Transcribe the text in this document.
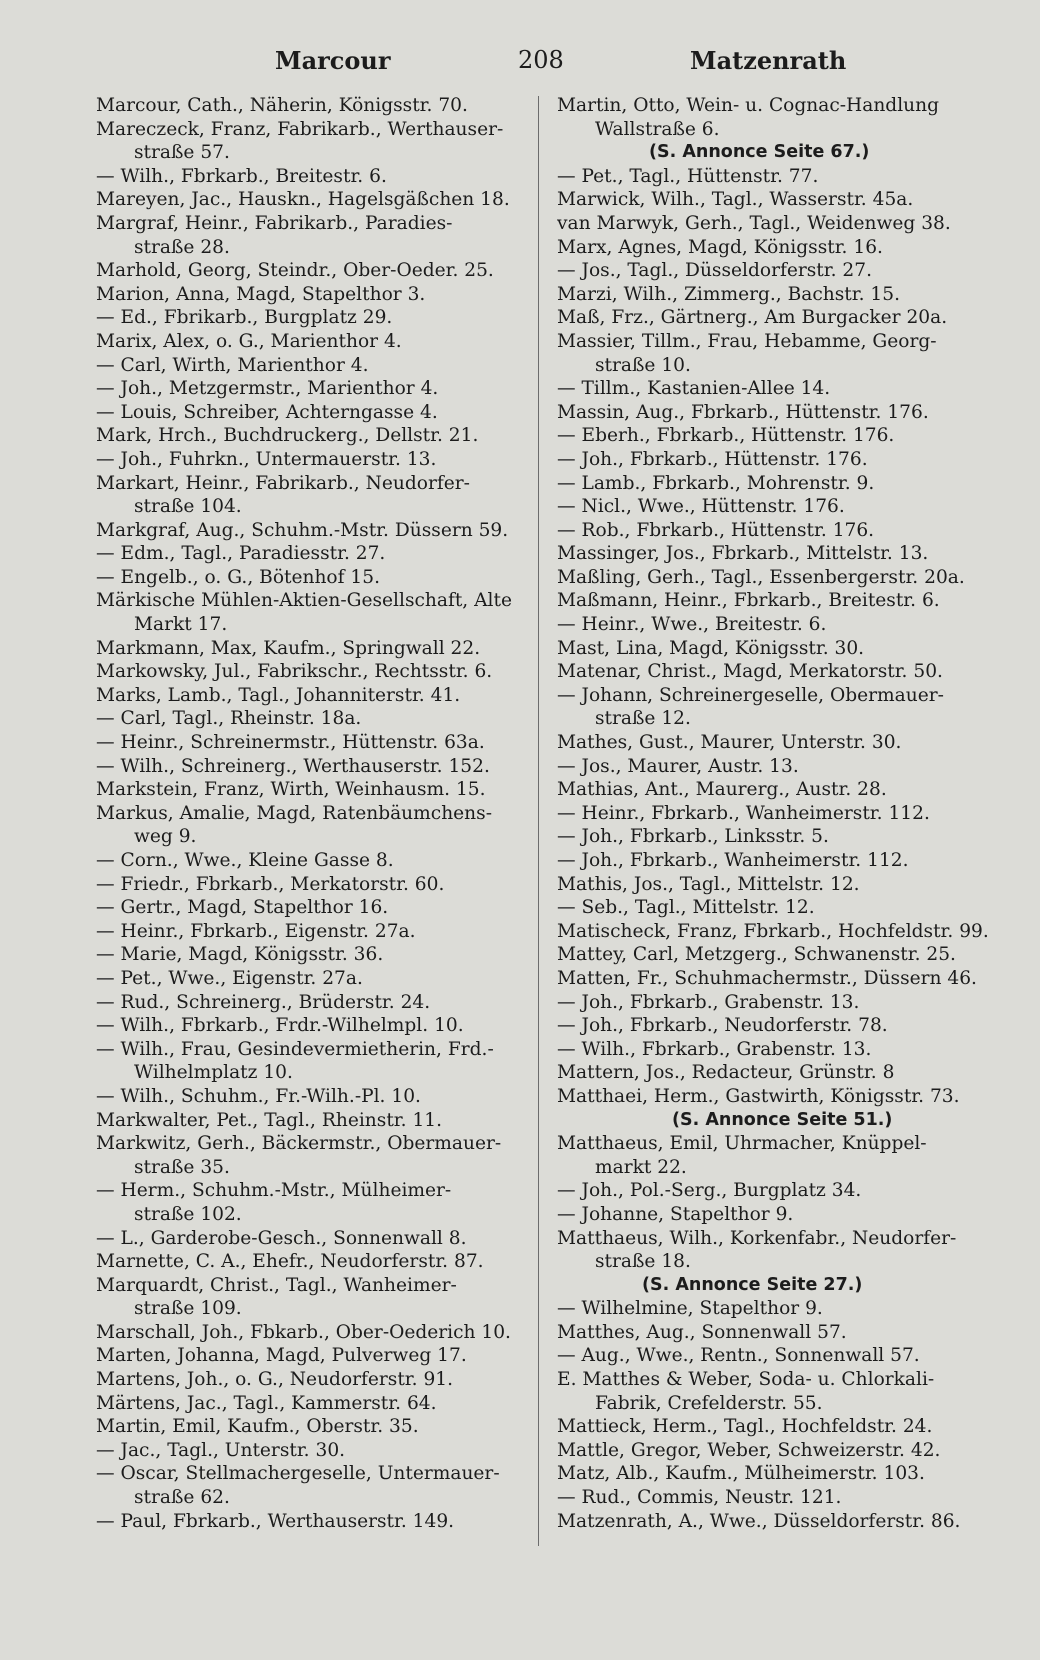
Marcour	208	Matzenrath
Marcour, Cath., Näherin, Königsstr. 70.
Mareczeck, Franz, Fabrikarb., Werthauser-
straße 57.
— Wilh., Fbrkarb., Breitestr. 6.
Mareyen, Jac., Hauskn., Hagelsgäßchen 18.
Margraf, Heinr., Fabrikarb., Paradies-
straße 28.
Marhold, Georg, Steindr., Ober-Oeder. 25.
Marion, Anna, Magd, Stapelthor 3.
— Ed., Fbrikarb., Burgplatz 29.
Marix, Alex, o. G., Marienthor 4.
— Carl, Wirth, Marienthor 4.
— Joh., Metzgermstr., Marienthor 4.
— Louis, Schreiber, Achterngasse 4.
Mark, Hrch., Buchdruckerg., Dellstr. 21.
— Joh., Fuhrkn., Untermauerstr. 13.
Markart, Heinr., Fabrikarb., Neudorfer-
straße 104.
Markgraf, Aug., Schuhm.-Mstr. Düssern 59.
— Edm., Tagl., Paradiesstr. 27.
— Engelb., o. G., Bötenhof 15.
Märkische Mühlen-Aktien-Gesellschaft, Alte
Markt 17.
Markmann, Max, Kaufm., Springwall 22.
Markowsky, Jul., Fabrikschr., Rechtsstr. 6.
Marks, Lamb., Tagl., Johanniterstr. 41.
— Carl, Tagl., Rheinstr. 18a.
— Heinr., Schreinermstr., Hüttenstr. 63a.
— Wilh., Schreinerg., Werthauserstr. 152.
Markstein, Franz, Wirth, Weinhausm. 15.
Markus, Amalie, Magd, Ratenbäumchens-
weg 9.
— Corn., Wwe., Kleine Gasse 8.
— Friedr., Fbrkarb., Merkatorstr. 60.
— Gertr., Magd, Stapelthor 16.
— Heinr., Fbrkarb., Eigenstr. 27a.
— Marie, Magd, Königsstr. 36.
— Pet., Wwe., Eigenstr. 27a.
— Rud., Schreinerg., Brüderstr. 24.
— Wilh., Fbrkarb., Frdr.-Wilhelmpl. 10.
— Wilh., Frau, Gesindevermietherin, Frd.-
Wilhelmplatz 10.
— Wilh., Schuhm., Fr.-Wilh.-Pl. 10.
Markwalter, Pet., Tagl., Rheinstr. 11.
Markwitz, Gerh., Bäckermstr., Obermauer-
straße 35.
— Herm., Schuhm.-Mstr., Mülheimer-
straße 102.
— L., Garderobe-Gesch., Sonnenwall 8.
Marnette, C. A., Ehefr., Neudorferstr. 87.
Marquardt, Christ., Tagl., Wanheimer-
straße 109.
Marschall, Joh., Fbkarb., Ober-Oederich 10.
Marten, Johanna, Magd, Pulverweg 17.
Martens, Joh., o. G., Neudorferstr. 91.
Märtens, Jac., Tagl., Kammerstr. 64.
Martin, Emil, Kaufm., Oberstr. 35.
— Jac., Tagl., Unterstr. 30.
— Oscar, Stellmachergeselle, Untermauer-
straße 62.
— Paul, Fbrkarb., Werthauserstr. 149.
Martin, Otto, Wein- u. Cognac-Handlung
Wallstraße 6.
(S. Annonce Seite 67.)
— Pet., Tagl., Hüttenstr. 77.
Marwick, Wilh., Tagl., Wasserstr. 45a.
van Marwyk, Gerh., Tagl., Weidenweg 38.
Marx, Agnes, Magd, Königsstr. 16.
— Jos., Tagl., Düsseldorferstr. 27.
Marzi, Wilh., Zimmerg., Bachstr. 15.
Maß, Frz., Gärtnerg., Am Burgacker 20a.
Massier, Tillm., Frau, Hebamme, Georg-
straße 10.
— Tillm., Kastanien-Allee 14.
Massin, Aug., Fbrkarb., Hüttenstr. 176.
— Eberh., Fbrkarb., Hüttenstr. 176.
— Joh., Fbrkarb., Hüttenstr. 176.
— Lamb., Fbrkarb., Mohrenstr. 9.
— Nicl., Wwe., Hüttenstr. 176.
— Rob., Fbrkarb., Hüttenstr. 176.
Massinger, Jos., Fbrkarb., Mittelstr. 13.
Maßling, Gerh., Tagl., Essenbergerstr. 20a.
Maßmann, Heinr., Fbrkarb., Breitestr. 6.
— Heinr., Wwe., Breitestr. 6.
Mast, Lina, Magd, Königsstr. 30.
Matenar, Christ., Magd, Merkatorstr. 50.
— Johann, Schreinergeselle, Obermauer-
straße 12.
Mathes, Gust., Maurer, Unterstr. 30.
— Jos., Maurer, Austr. 13.
Mathias, Ant., Maurerg., Austr. 28.
— Heinr., Fbrkarb., Wanheimerstr. 112.
— Joh., Fbrkarb., Linksstr. 5.
— Joh., Fbrkarb., Wanheimerstr. 112.
Mathis, Jos., Tagl., Mittelstr. 12.
— Seb., Tagl., Mittelstr. 12.
Matischeck, Franz, Fbrkarb., Hochfeldstr. 99.
Mattey, Carl, Metzgerg., Schwanenstr. 25.
Matten, Fr., Schuhmachermstr., Düssern 46.
— Joh., Fbrkarb., Grabenstr. 13.
— Joh., Fbrkarb., Neudorferstr. 78.
— Wilh., Fbrkarb., Grabenstr. 13.
Mattern, Jos., Redacteur, Grünstr. 8
Matthaei, Herm., Gastwirth, Königsstr. 73.
(S. Annonce Seite 51.)
Matthaeus, Emil, Uhrmacher, Knüppel-
markt 22.
— Joh., Pol.-Serg., Burgplatz 34.
— Johanne, Stapelthor 9.
Matthaeus, Wilh., Korkenfabr., Neudorfer-
straße 18.
(S. Annonce Seite 27.)
— Wilhelmine, Stapelthor 9.
Matthes, Aug., Sonnenwall 57.
— Aug., Wwe., Rentn., Sonnenwall 57.
E. Matthes & Weber, Soda- u. Chlorkali-
Fabrik, Crefelderstr. 55.
Mattieck, Herm., Tagl., Hochfeldstr. 24.
Mattle, Gregor, Weber, Schweizerstr. 42.
Matz, Alb., Kaufm., Mülheimerstr. 103.
— Rud., Commis, Neustr. 121.
Matzenrath, A., Wwe., Düsseldorferstr. 86.
